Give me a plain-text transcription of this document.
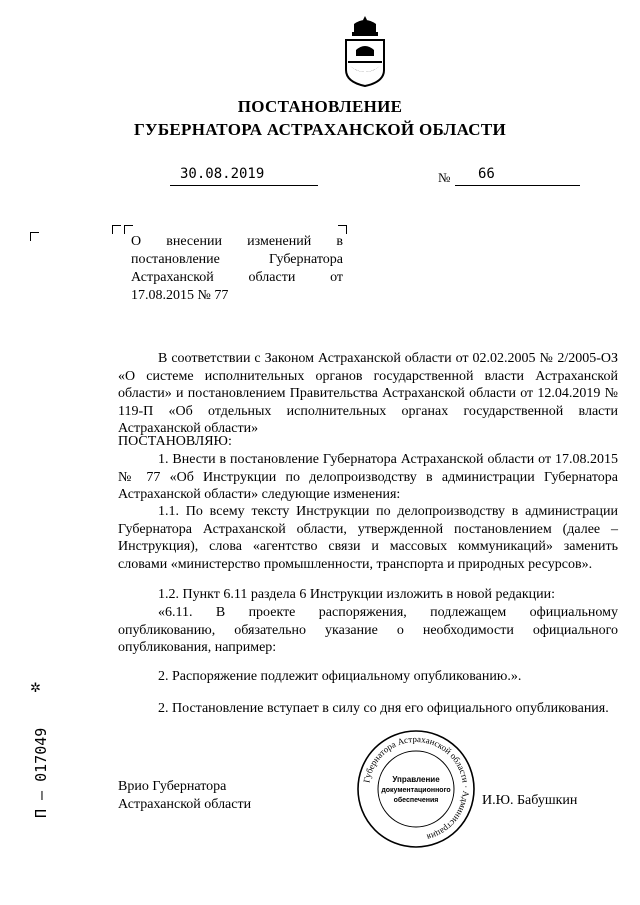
ПОСТАНОВЛЕНИЕ
ГУБЕРНАТОРА АСТРАХАНСКОЙ ОБЛАСТИ
30.08.2019	№ 66
О внесении изменений в постановление Губернатора Астраханской области от 17.08.2015 № 77
В соответствии с Законом Астраханской области от 02.02.2005 № 2/2005-ОЗ «О системе исполнительных органов государственной власти Астраханской области» и постановлением Правительства Астраханской области от 12.04.2019 № 119-П «Об отдельных исполнительных органах государственной власти Астраханской области»
ПОСТАНОВЛЯЮ:
1. Внести в постановление Губернатора Астраханской области от 17.08.2015 № 77 «Об Инструкции по делопроизводству в администрации Губернатора Астраханской области» следующие изменения:
1.1. По всему тексту Инструкции по делопроизводству в администрации Губернатора Астраханской области, утвержденной постановлением (далее – Инструкция), слова «агентство связи и массовых коммуникаций» заменить словами «министерство промышленности, транспорта и природных ресурсов».
1.2. Пункт 6.11 раздела 6 Инструкции изложить в новой редакции:
«6.11. В проекте распоряжения, подлежащем официальному опубликованию, обязательно указание о необходимости официального опубликования, например:
2. Распоряжение подлежит официальному опубликованию.».
2. Постановление вступает в силу со дня его официального опубликования.
Врио Губернатора
Астраханской области	И.Ю. Бабушкин
Губернатора Астраханской области · Администрация
Управление
документационного
обеспечения
✲
П – 017049
